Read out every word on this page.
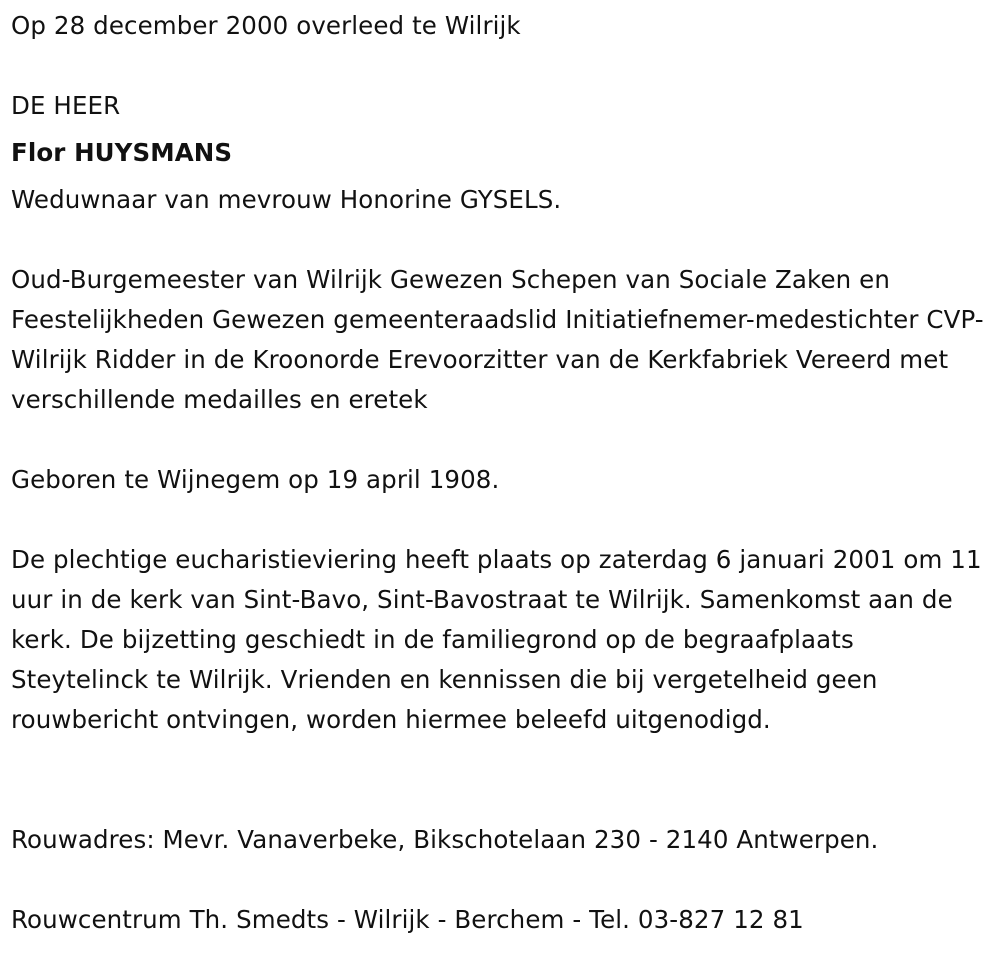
Op 28 december 2000 overleed te Wilrijk

DE HEER

Flor HUYSMANS

Weduwnaar van mevrouw Honorine GYSELS.

Oud-Burgemeester van Wilrijk Gewezen Schepen van Sociale Zaken en Feestelijkheden Gewezen gemeenteraadslid Initiatiefnemer-medestichter CVP-Wilrijk Ridder in de Kroonorde Erevoorzitter van de Kerkfabriek Vereerd met verschillende medailles en eretek

Geboren te Wijnegem op 19 april 1908.

De plechtige eucharistieviering heeft plaats op zaterdag 6 januari 2001 om 11 uur in de kerk van Sint-Bavo, Sint-Bavostraat te Wilrijk. Samenkomst aan de kerk. De bijzetting geschiedt in de familiegrond op de begraafplaats Steytelinck te Wilrijk. Vrienden en kennissen die bij vergetelheid geen rouwbericht ontvingen, worden hiermee beleefd uitgenodigd.

Rouwadres: Mevr. Vanaverbeke, Bikschotelaan 230 - 2140 Antwerpen.

Rouwcentrum Th. Smedts - Wilrijk - Berchem - Tel. 03-827 12 81
